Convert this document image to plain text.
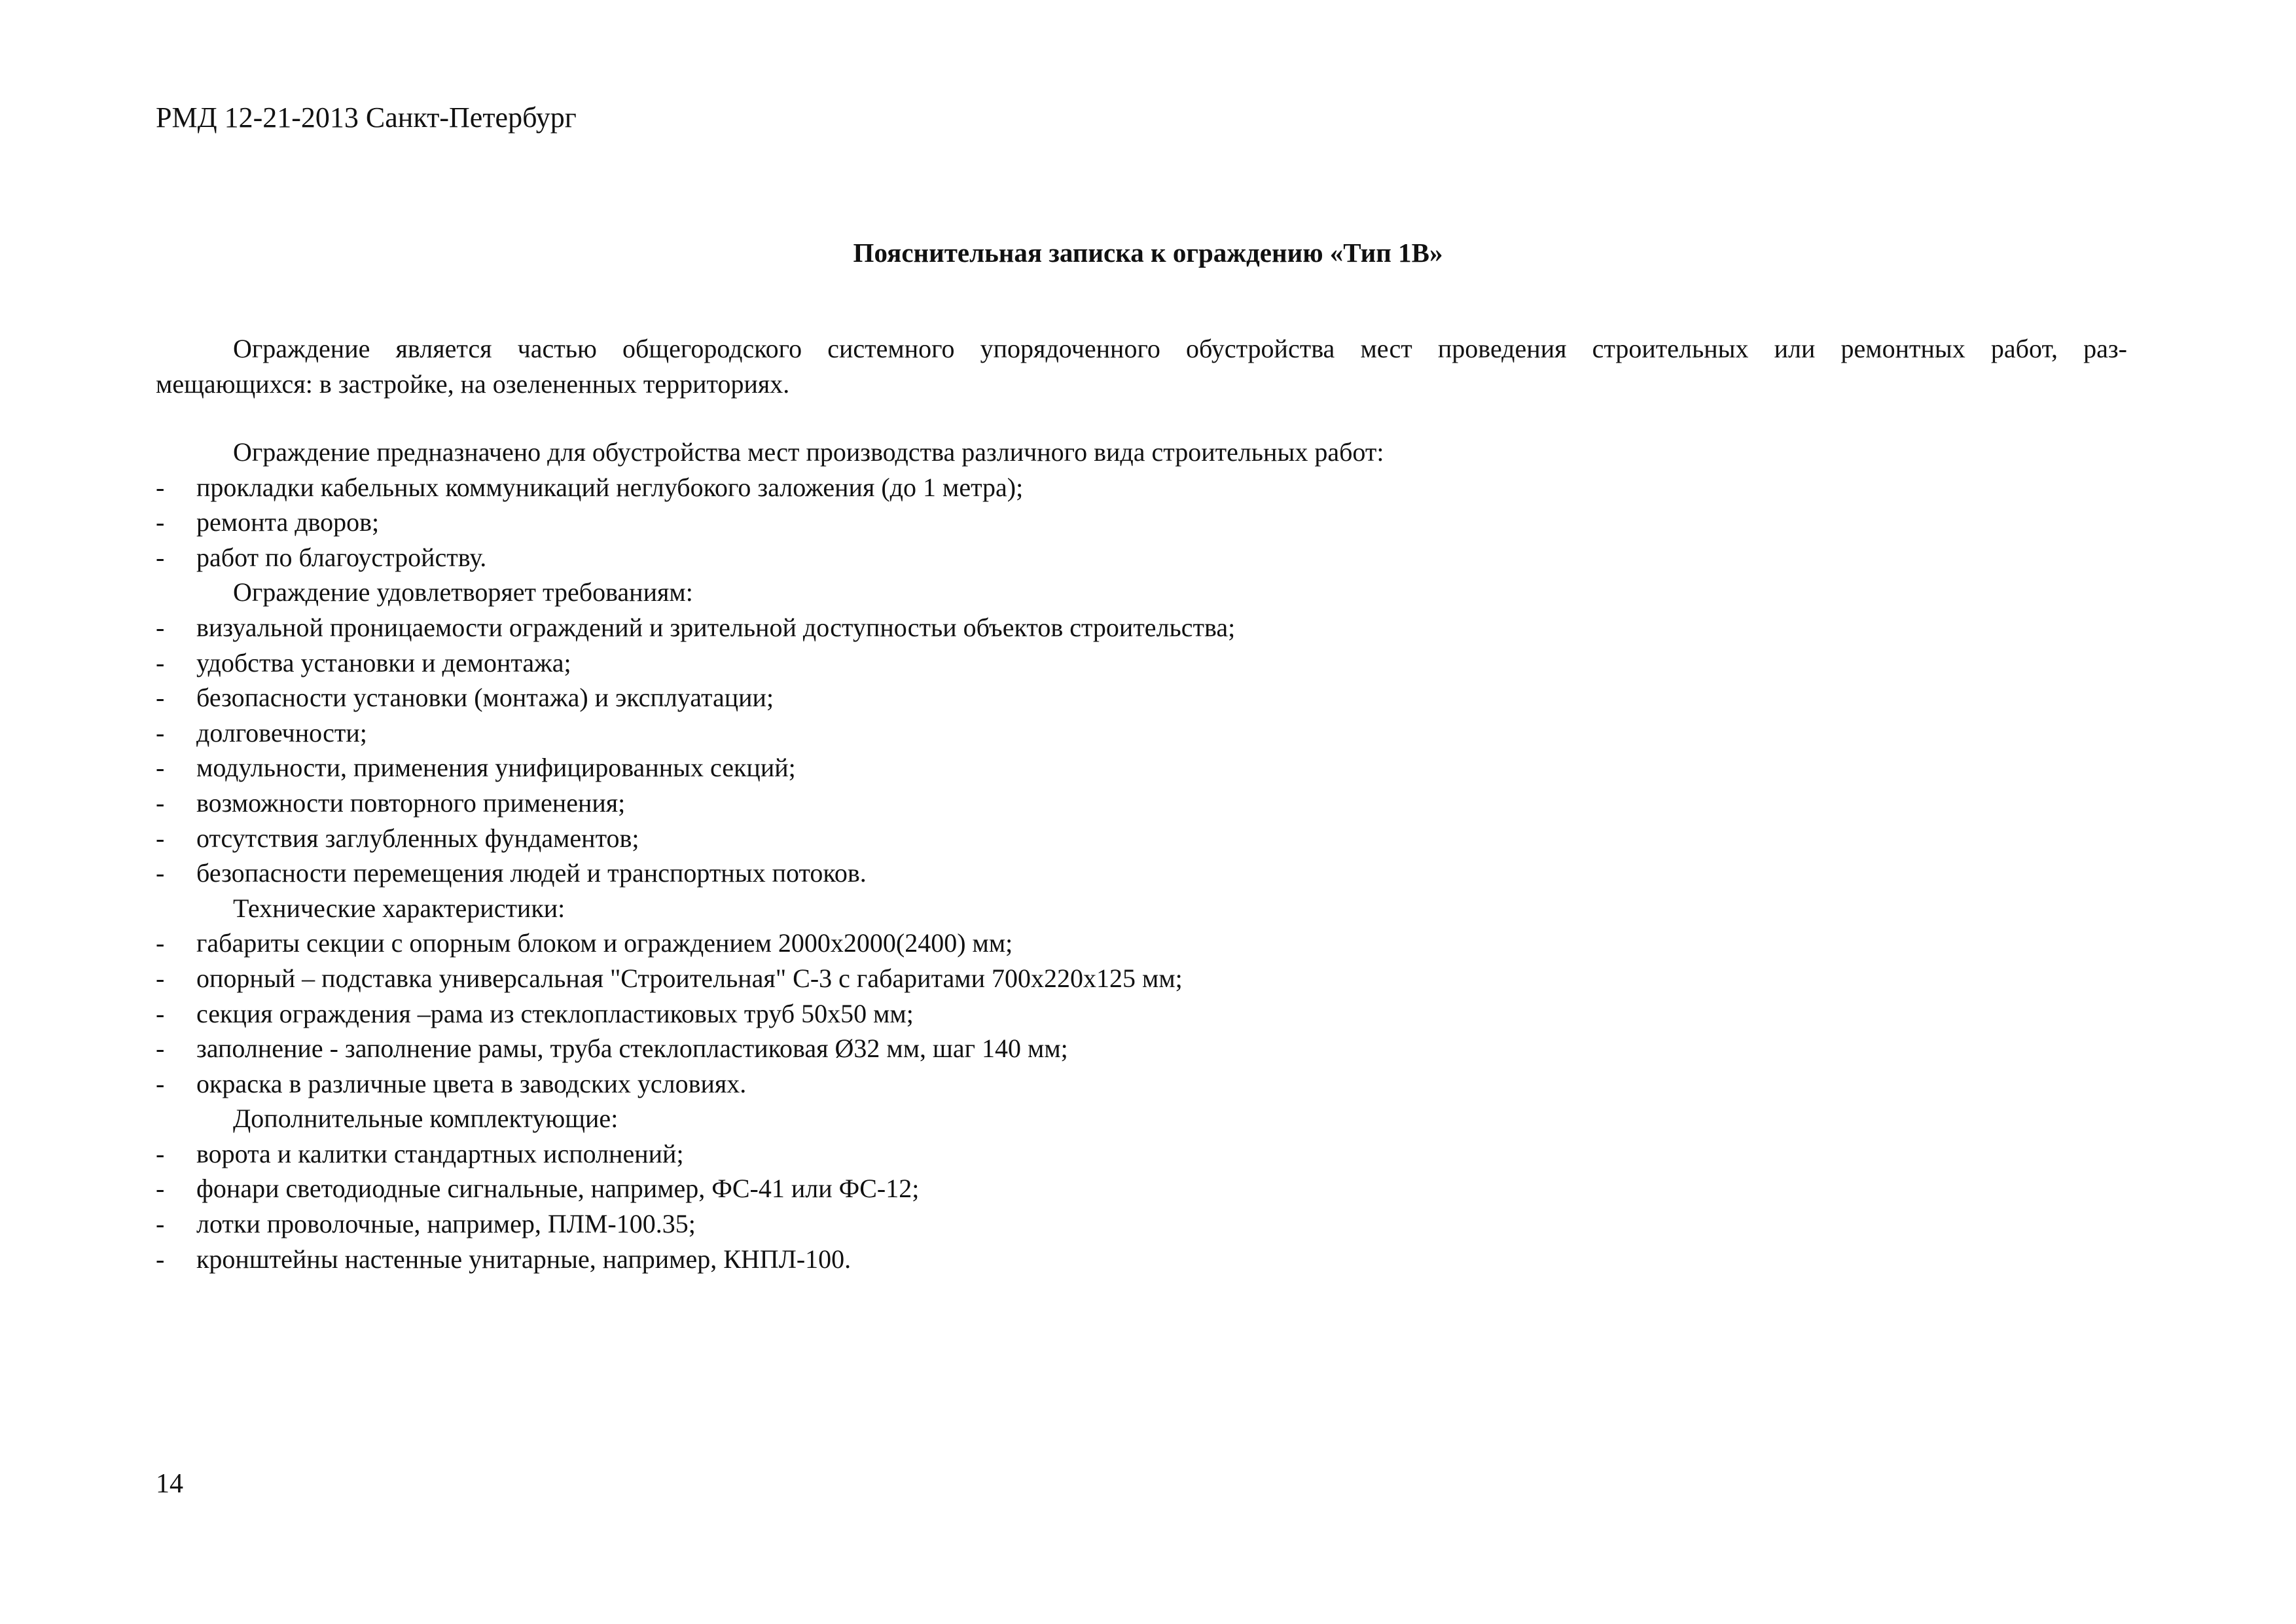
РМД 12-21-2013 Санкт-Петербург
Пояснительная записка к ограждению «Тип 1В»
Ограждение является частью общегородского системного упорядоченного обустройства мест проведения строительных или ремонтных работ, раз-
мещающихся: в застройке, на озелененных территориях.
Ограждение предназначено для обустройства мест производства различного вида строительных работ:
-	прокладки кабельных коммуникаций неглубокого заложения (до 1 метра);
-	ремонта дворов;
-	работ по благоустройству.
Ограждение удовлетворяет требованиям:
-	визуальной проницаемости ограждений и зрительной доступностьи объектов строительства;
-	удобства установки и демонтажа;
-	безопасности установки (монтажа) и эксплуатации;
-	долговечности;
-	модульности, применения унифицированных секций;
-	возможности повторного применения;
-	отсутствия заглубленных фундаментов;
-	безопасности перемещения людей и транспортных потоков.
Технические характеристики:
-	габариты секции с опорным блоком и ограждением 2000х2000(2400) мм;
-	опорный – подставка универсальная "Строительная" С-3 с габаритами 700х220х125 мм;
-	секция ограждения –рама из стеклопластиковых труб 50х50 мм;
-	заполнение - заполнение рамы, труба стеклопластиковая Ø32 мм, шаг 140 мм;
-	окраска в различные цвета в заводских условиях.
Дополнительные комплектующие:
-	ворота и калитки стандартных исполнений;
-	фонари светодиодные сигнальные, например, ФС-41 или ФС-12;
-	лотки проволочные, например, ПЛМ-100.35;
-	кронштейны настенные унитарные, например, КНПЛ-100.
14
